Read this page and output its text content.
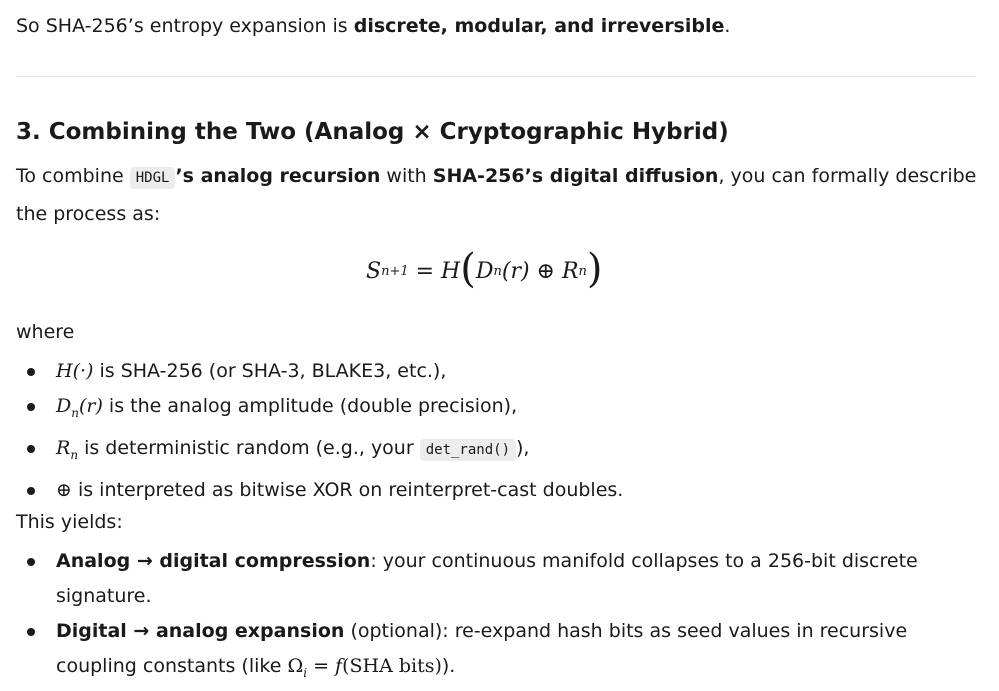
So SHA-256’s entropy expansion is discrete, modular, and irreversible.

3. Combining the Two (Analog × Cryptographic Hybrid)

To combine HDGL ’s analog recursion with SHA-256’s digital diffusion, you can formally describe the process as:

S n+1 = H ( D n (r) ⊕ R n )

where

H(·) is SHA-256 (or SHA-3, BLAKE3, etc.),
$D_n(r)$ is the analog amplitude (double precision),
$R_n$ is deterministic random (e.g., your det_rand() ),
⊕ is interpreted as bitwise XOR on reinterpret-cast doubles.

This yields:

Analog → digital compression: your continuous manifold collapses to a 256-bit discrete signature.
Digital → analog expansion (optional): re-expand hash bits as seed values in recursive coupling constants (like $\Omega_i = f(SHA$ bits)).
